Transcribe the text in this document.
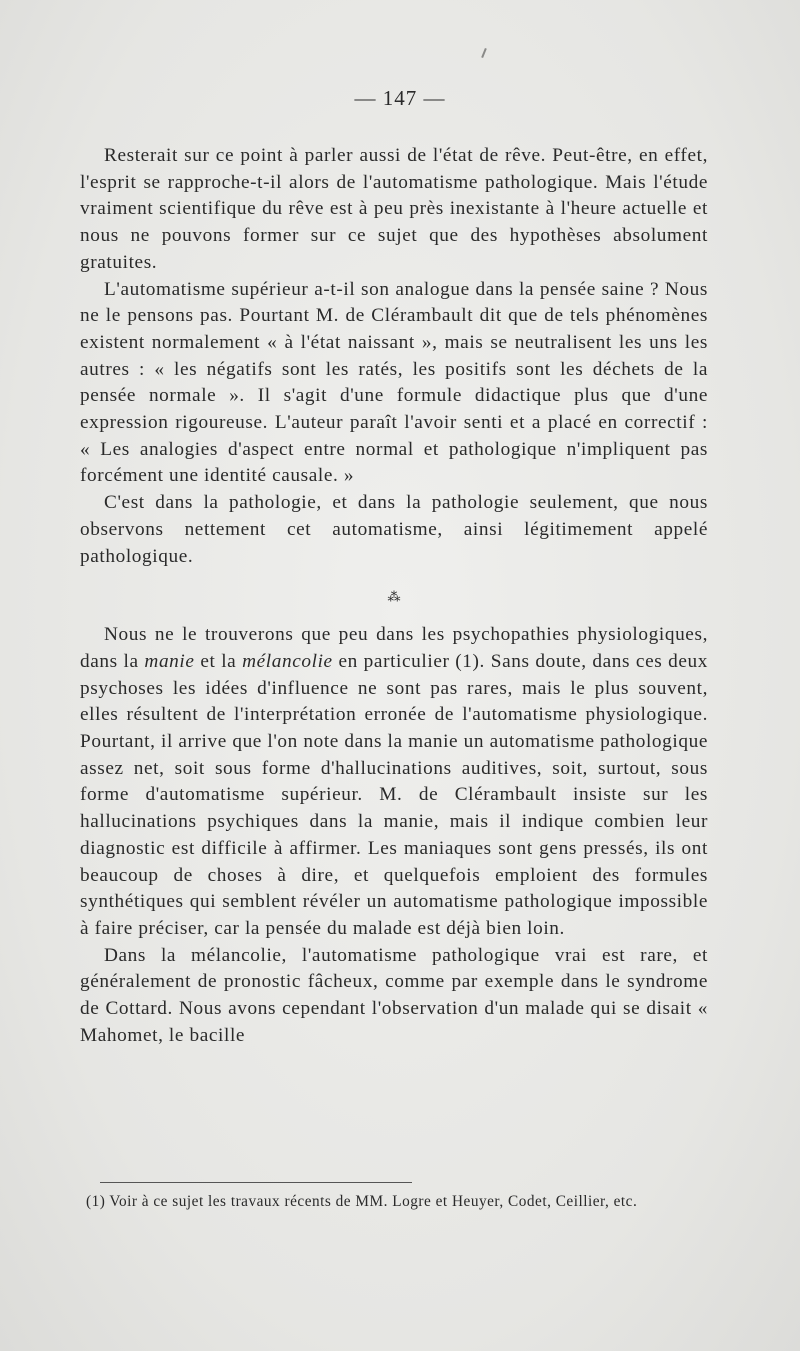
— 147 —

Resterait sur ce point à parler aussi de l'état de rêve. Peut-être, en effet, l'esprit se rapproche-t-il alors de l'automatisme pathologique. Mais l'étude vraiment scientifique du rêve est à peu près inexistante à l'heure actuelle et nous ne pouvons former sur ce sujet que des hypothèses absolument gratuites.

L'automatisme supérieur a-t-il son analogue dans la pensée saine ? Nous ne le pensons pas. Pourtant M. de Clérambault dit que de tels phénomènes existent normalement « à l'état naissant », mais se neutralisent les uns les autres : « les négatifs sont les ratés, les positifs sont les déchets de la pensée normale ». Il s'agit d'une formule didactique plus que d'une expression rigoureuse. L'auteur paraît l'avoir senti et a placé en correctif : « Les analogies d'aspect entre normal et pathologique n'impliquent pas forcément une identité causale. »

C'est dans la pathologie, et dans la pathologie seulement, que nous observons nettement cet automatisme, ainsi légitimement appelé pathologique.

⁂

Nous ne le trouverons que peu dans les psychopathies physiologiques, dans la manie et la mélancolie en particulier (1). Sans doute, dans ces deux psychoses les idées d'influence ne sont pas rares, mais le plus souvent, elles résultent de l'interprétation erronée de l'automatisme physiologique. Pourtant, il arrive que l'on note dans la manie un automatisme pathologique assez net, soit sous forme d'hallucinations auditives, soit, surtout, sous forme d'automatisme supérieur. M. de Clérambault insiste sur les hallucinations psychiques dans la manie, mais il indique combien leur diagnostic est difficile à affirmer. Les maniaques sont gens pressés, ils ont beaucoup de choses à dire, et quelquefois emploient des formules synthétiques qui semblent révéler un automatisme pathologique impossible à faire préciser, car la pensée du malade est déjà bien loin.

Dans la mélancolie, l'automatisme pathologique vrai est rare, et généralement de pronostic fâcheux, comme par exemple dans le syndrome de Cottard. Nous avons cependant l'observation d'un malade qui se disait « Mahomet, le bacille

(1) Voir à ce sujet les travaux récents de MM. Logre et Heuyer, Codet, Ceillier, etc.
